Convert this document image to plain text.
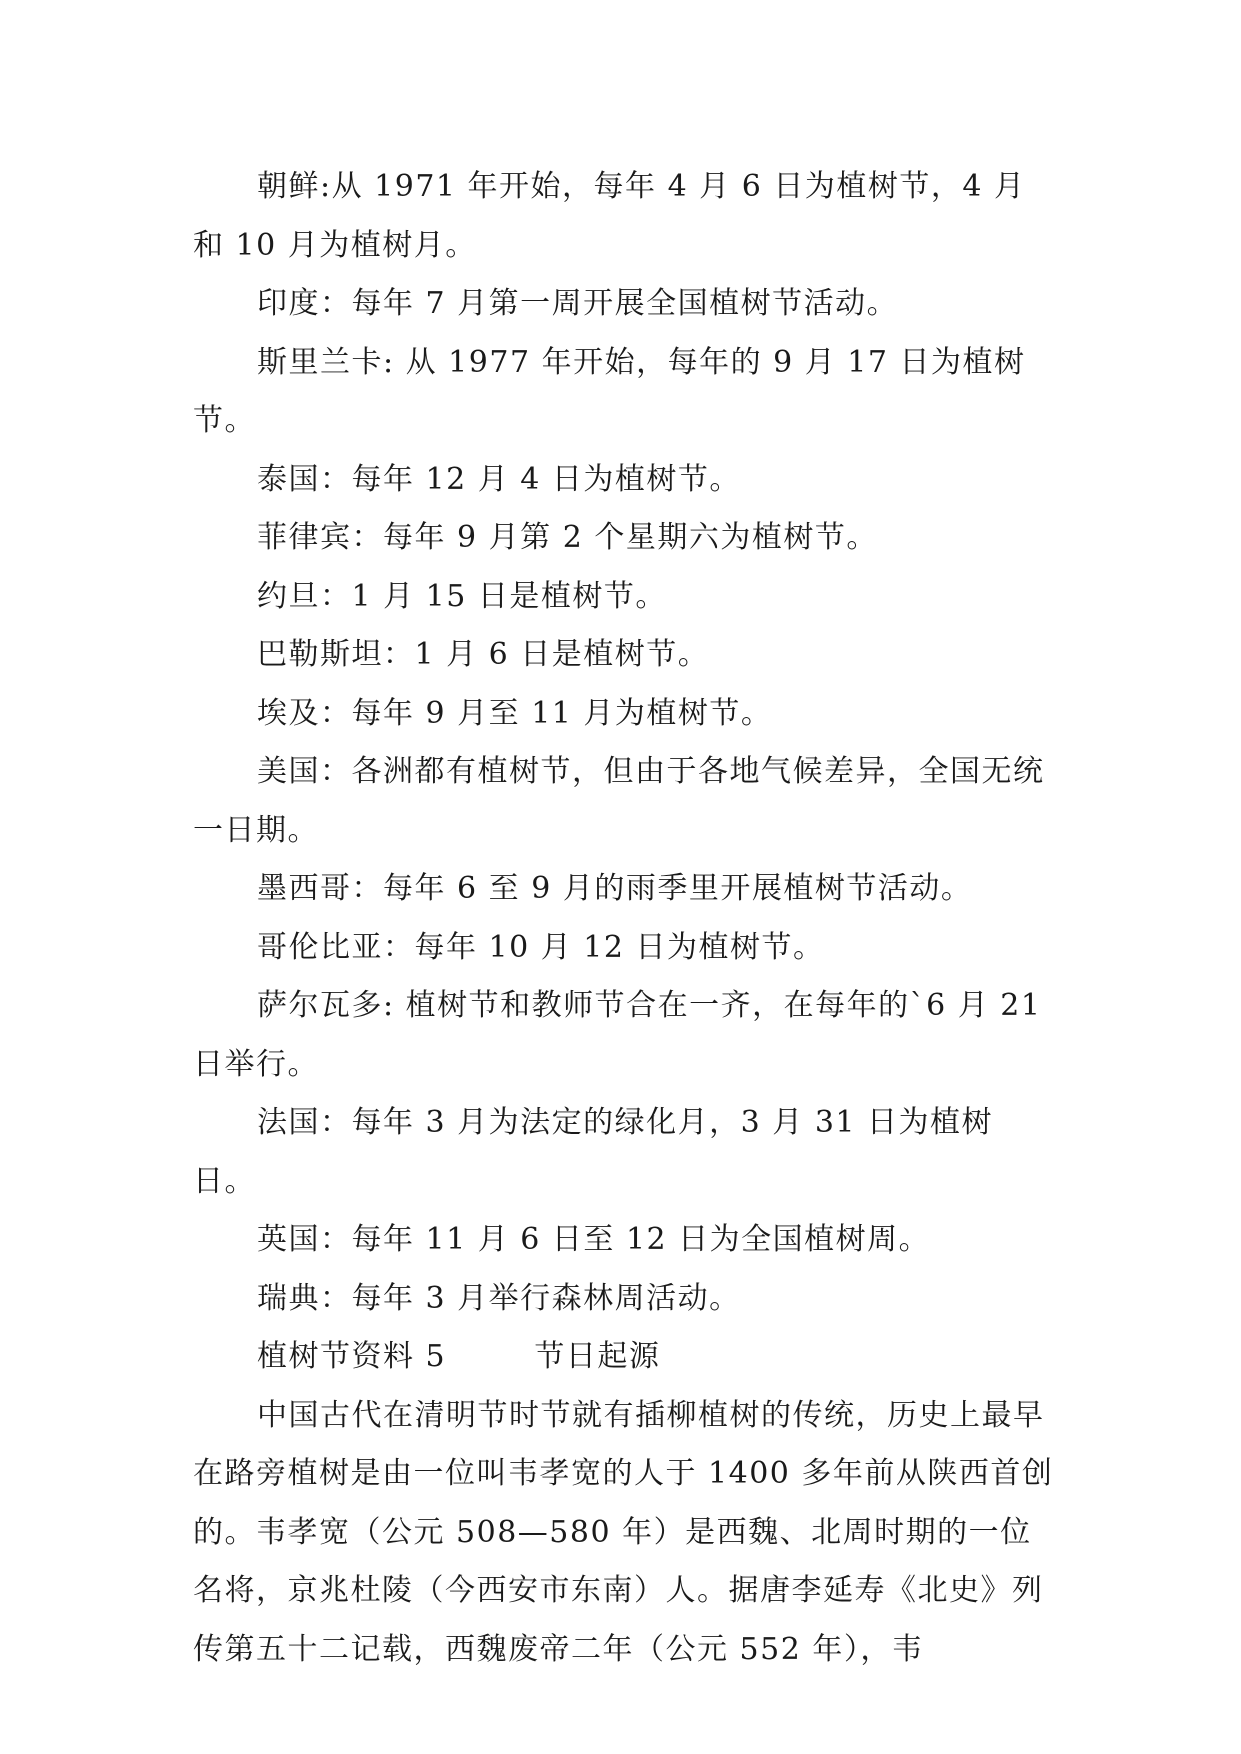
朝鲜:从 1971 年开始，每年 4 月 6 日为植树节，4 月和 10 月为植树月。

印度：每年 7 月第一周开展全国植树节活动。

斯里兰卡: 从 1977 年开始，每年的 9 月 17 日为植树节。

泰国：每年 12 月 4 日为植树节。

菲律宾：每年 9 月第 2 个星期六为植树节。

约旦：1 月 15 日是植树节。

巴勒斯坦：1 月 6 日是植树节。

埃及：每年 9 月至 11 月为植树节。

美国：各洲都有植树节，但由于各地气候差异，全国无统一日期。

墨西哥：每年 6 至 9 月的雨季里开展植树节活动。

哥伦比亚：每年 10 月 12 日为植树节。

萨尔瓦多: 植树节和教师节合在一齐，在每年的`6 月 21 日举行。

法国：每年 3 月为法定的绿化月，3 月 31 日为植树日。

英国：每年 11 月 6 日至 12 日为全国植树周。

瑞典：每年 3 月举行森林周活动。

植树节资料 5	节日起源

中国古代在清明节时节就有插柳植树的传统，历史上最早在路旁植树是由一位叫韦孝宽的人于 1400 多年前从陕西首创的。韦孝宽（公元 508—580 年）是西魏、北周时期的一位名将，京兆杜陵（今西安市东南）人。据唐李延寿《北史》列传第五十二记载，西魏废帝二年（公元 552 年），韦
